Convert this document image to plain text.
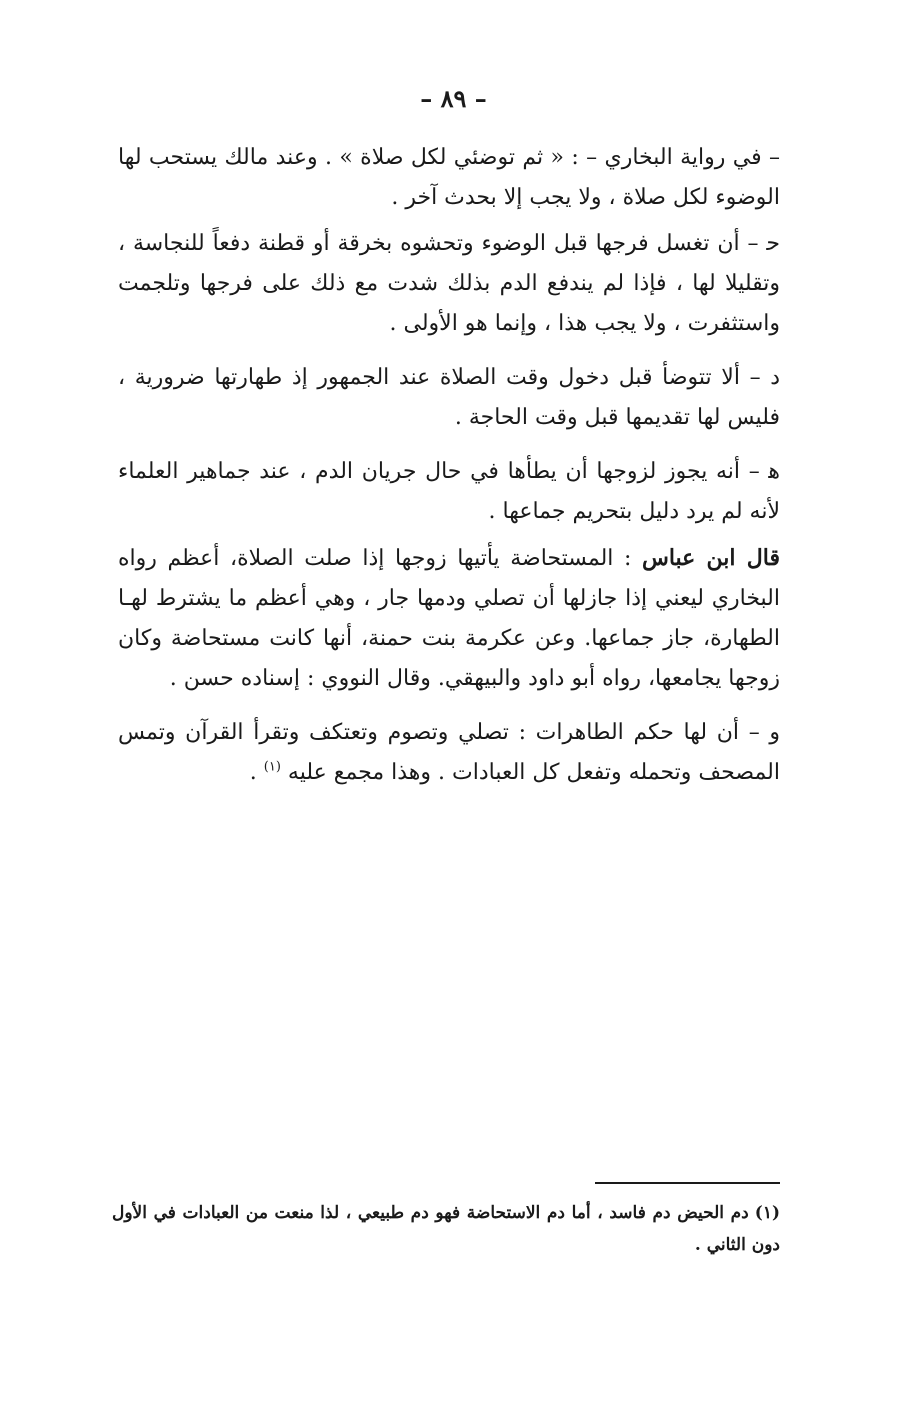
– ٨٩ –

– في رواية البخاري – : « ثم توضئي لكل صلاة » . وعند مالك يستحب لها الوضوء لكل صلاة ، ولا يجب إلا بحدث آخر .

ﺣ – أن تغسل فرجها قبل الوضوء وتحشوه بخرقة أو قطنة دفعاً للنجاسة ، وتقليلا لها ، فإذا لم يندفع الدم بذلك شدت مع ذلك على فرجها وتلجمت واستثفرت ، ولا يجب هذا ، وإنما هو الأولى .

د – ألا تتوضأ قبل دخول وقت الصلاة عند الجمهور إذ طهارتها ضرورية ، فليس لها تقديمها قبل وقت الحاجة .

ﻫ – أنه يجوز لزوجها أن يطأها في حال جريان الدم ، عند جماهير العلماء لأنه لم يرد دليل بتحريم جماعها .

قال ابن عباس : المستحاضة يأتيها زوجها إذا صلت الصلاة، أعظم رواه البخاري ليعني إذا جازلها أن تصلي ودمها جار ، وهي أعظم ما يشترط لهـا الطهارة، جاز جماعها. وعن عكرمة بنت حمنة، أنها كانت مستحاضة وكان زوجها يجامعها، رواه أبو داود والبيهقي. وقال النووي : إسناده حسن .

و – أن لها حكم الطاهرات : تصلي وتصوم وتعتكف وتقرأ القرآن وتمس المصحف وتحمله وتفعل كل العبادات . وهذا مجمع عليه $^{(١)}$ .

(١)دم الحيض دم فاسد ، أما دم الاستحاضة فهو دم طبيعي ، لذا منعت من العبادات في الأول دون الثاني .
